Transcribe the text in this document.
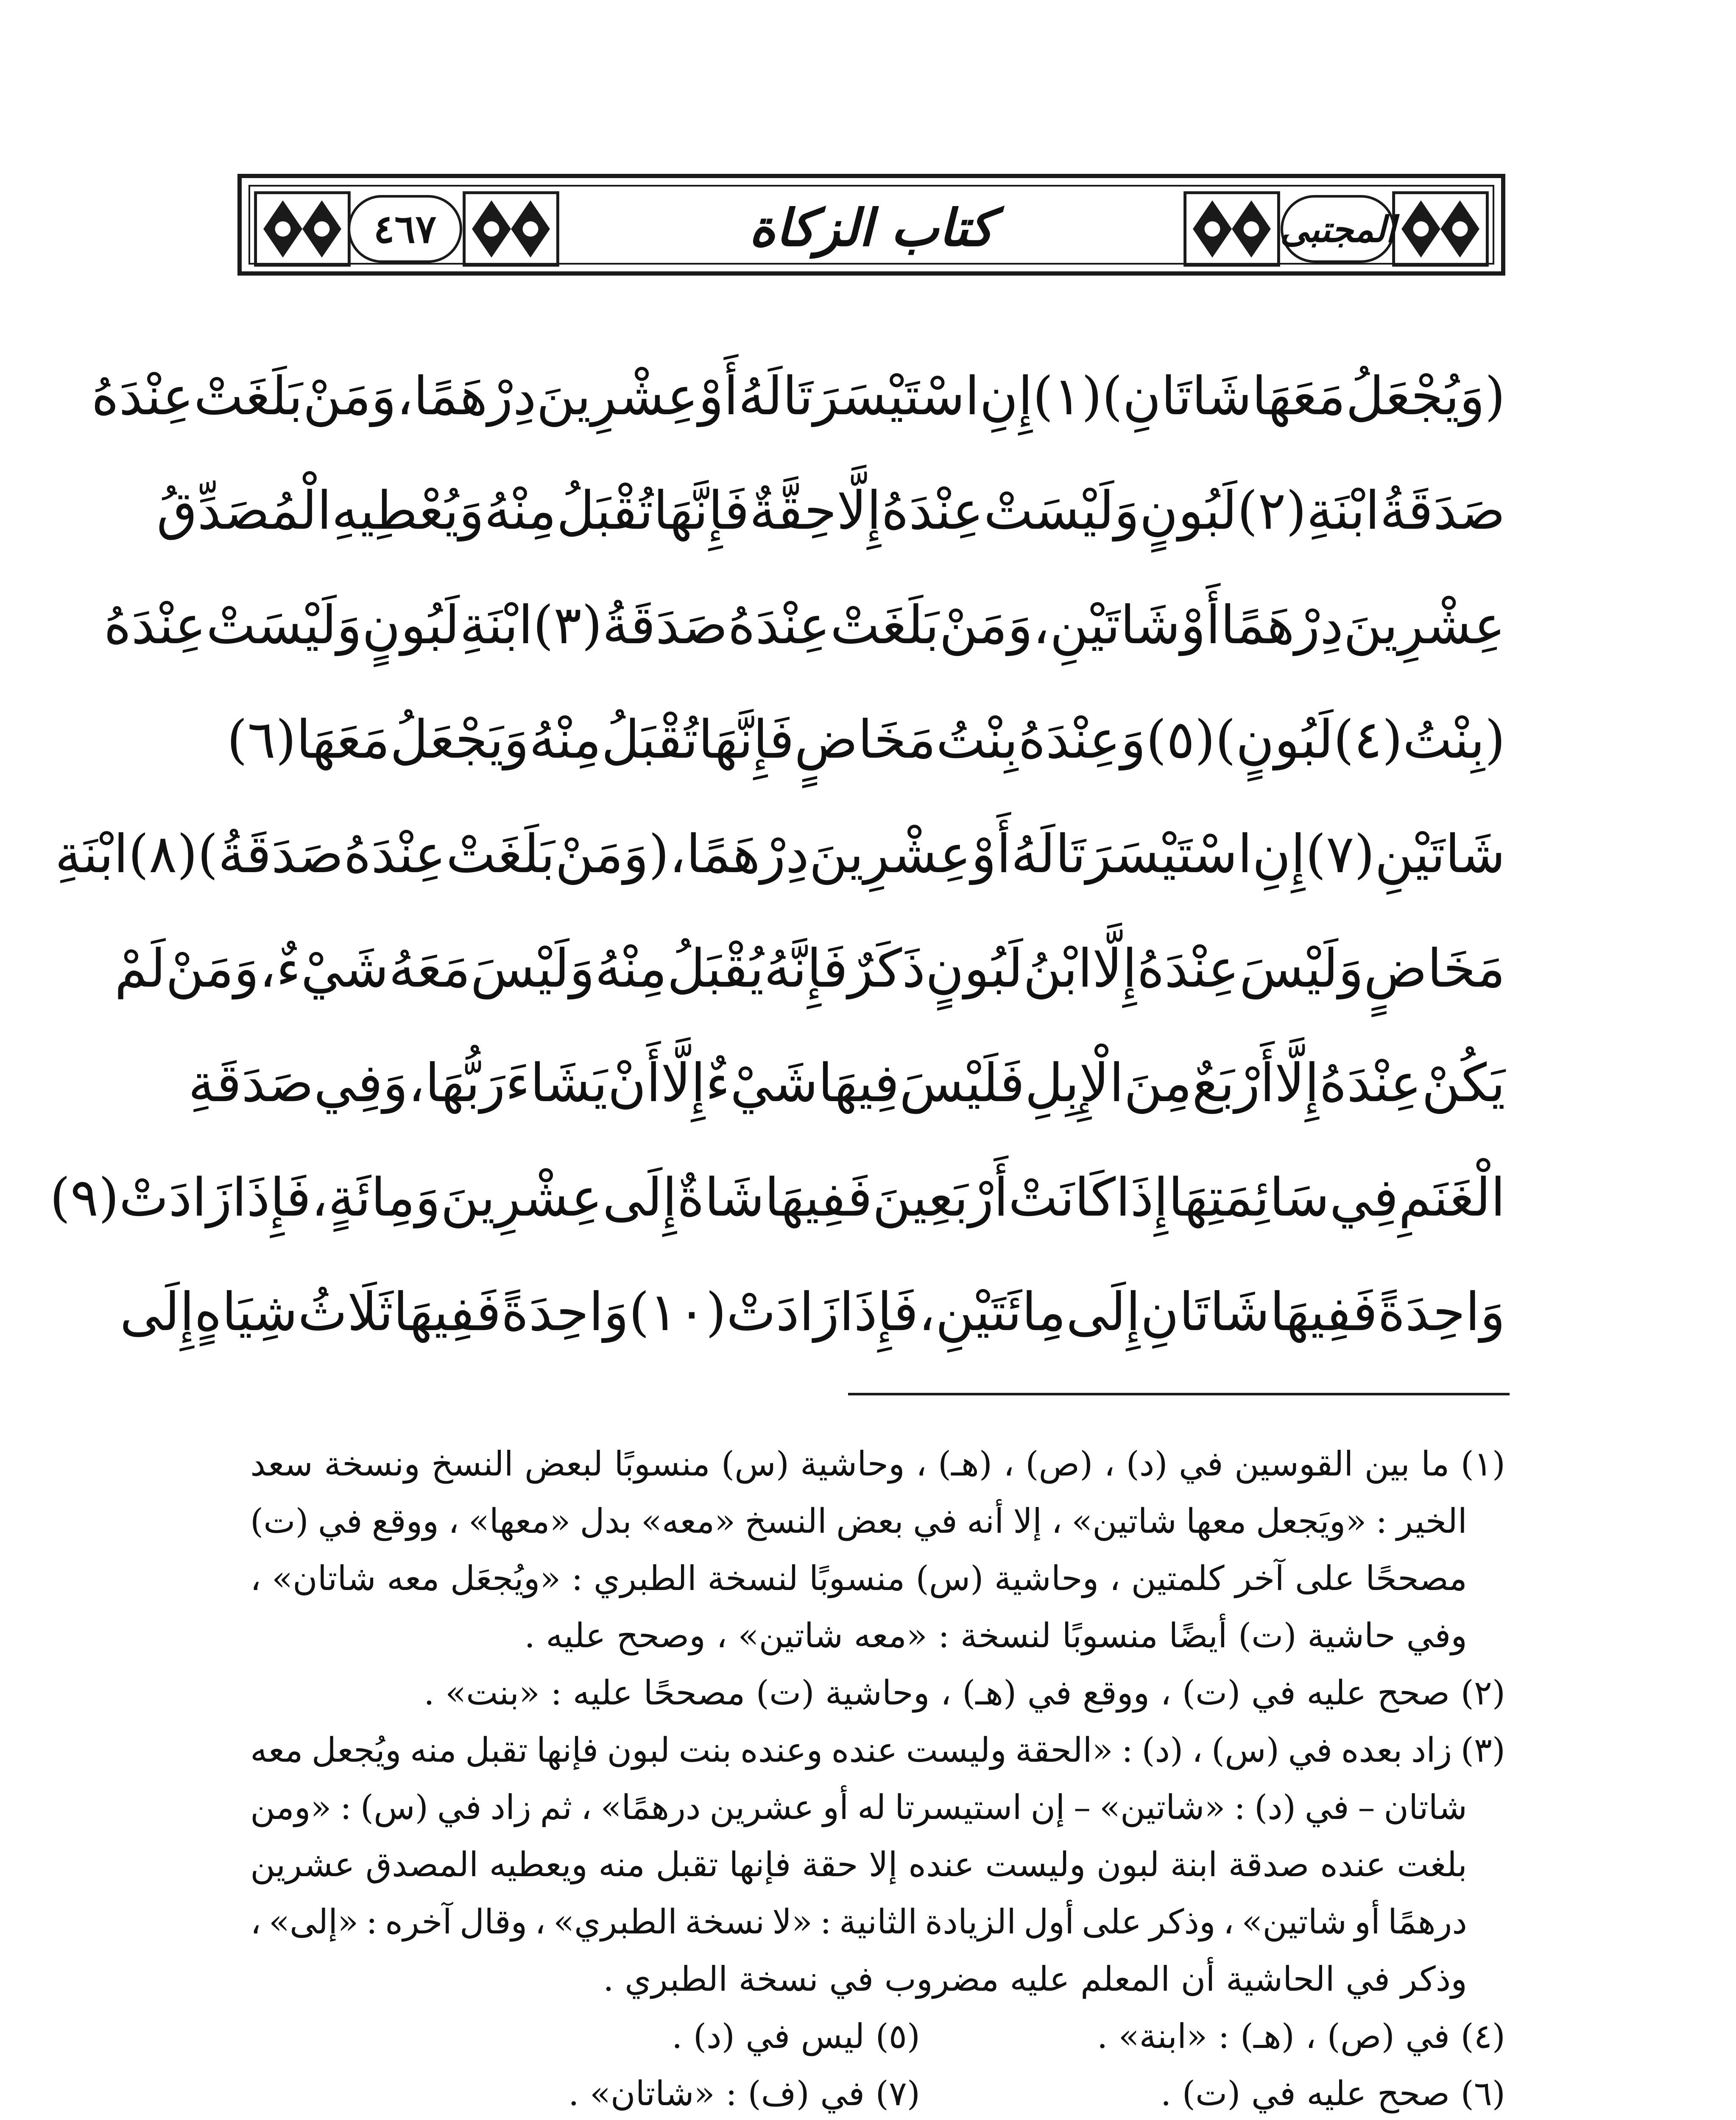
٤٦٧	كتاب الزكاة	المجتبى
(وَيُجْعَلُ
مَعَهَا
شَاتَانِ)
(١)
إِنِ
اسْتَيْسَرَتَا
لَهُ
أَوْ
عِشْرِينَ
دِرْهَمًا
،
وَمَنْ
بَلَغَتْ
عِنْدَهُ
صَدَقَةُ
ابْنَةِ
(٢)
لَبُونٍ
وَلَيْسَتْ
عِنْدَهُ
إِلَّا
حِقَّةٌ
فَإِنَّهَا
تُقْبَلُ
مِنْهُ
وَيُعْطِيهِ
الْمُصَدِّقُ
عِشْرِينَ
دِرْهَمًا
أَوْ
شَاتَيْنِ
،
وَمَنْ
بَلَغَتْ
عِنْدَهُ
صَدَقَةُ
(٣)
ابْنَةِ
لَبُونٍ
وَلَيْسَتْ
عِنْدَهُ
(بِنْتُ
(٤)
لَبُونٍ)
(٥)
وَعِنْدَهُ
بِنْتُ
مَخَاضٍ
فَإِنَّهَا
تُقْبَلُ
مِنْهُ
وَيَجْعَلُ
مَعَهَا
(٦)
شَاتَيْنِ
(٧)
إِنِ
اسْتَيْسَرَتَا
لَهُ
أَوْ
عِشْرِينَ
دِرْهَمًا
،
(وَمَنْ
بَلَغَتْ
عِنْدَهُ
صَدَقَةُ)
(٨)
ابْنَةِ
مَخَاضٍ
وَلَيْسَ
عِنْدَهُ
إِلَّا
ابْنُ
لَبُونٍ
ذَكَرٌ
فَإِنَّهُ
يُقْبَلُ
مِنْهُ
وَلَيْسَ
مَعَهُ
شَيْءٌ
،
وَمَنْ
لَمْ
يَكُنْ
عِنْدَهُ
إِلَّا
أَرْبَعٌ
مِنَ
الْإِبِلِ
فَلَيْسَ
فِيهَا
شَيْءٌ
إِلَّا
أَنْ
يَشَاءَ
رَبُّهَا
،
وَفِي
صَدَقَةِ
الْغَنَمِ
فِي
سَائِمَتِهَا
إِذَا
كَانَتْ
أَرْبَعِينَ
فَفِيهَا
شَاةٌ
إِلَى
عِشْرِينَ
وَمِائَةٍ
،
فَإِذَا
زَادَتْ
(٩)
وَاحِدَةً
فَفِيهَا
شَاتَانِ
إِلَى
مِائَتَيْنِ
،
فَإِذَا
زَادَتْ
(١٠)
وَاحِدَةً
فَفِيهَا
ثَلَاثُ
شِيَاهٍ
إِلَى
(١)
ما
بين
القوسين
في
(د)
،
(ص)
،
(هـ)
،
وحاشية
(س)
منسوبًا
لبعض
النسخ
ونسخة
سعد
الخير
:
«ويَجعل
معها
شاتين»
،
إلا
أنه
في
بعض
النسخ
«معه»
بدل
«معها»
،
ووقع
في
(ت)
مصححًا
على
آخر
كلمتين
،
وحاشية
(س)
منسوبًا
لنسخة
الطبري
:
«ويُجعَل
معه
شاتان»
،
وفي حاشية (ت) أيضًا منسوبًا لنسخة : «معه شاتين» ، وصحح عليه .
(٢) صحح عليه في (ت) ، ووقع في (هـ) ، وحاشية (ت) مصححًا عليه : «بنت» .
(٣)
زاد
بعده
في
(س)
،
(د)
:
«الحقة
وليست
عنده
وعنده
بنت
لبون
فإنها
تقبل
منه
ويُجعل
معه
شاتان
–
في
(د)
:
«شاتين»
–
إن
استيسرتا
له
أو
عشرين
درهمًا»
،
ثم
زاد
في
(س)
:
«ومن
بلغت
عنده
صدقة
ابنة
لبون
وليست
عنده
إلا
حقة
فإنها
تقبل
منه
ويعطيه
المصدق
عشرين
درهمًا
أو
شاتين»
،
وذكر
على
أول
الزيادة
الثانية
:
«لا
نسخة
الطبري»
،
وقال
آخره
:
«إلى»
،
وذكر في الحاشية أن المعلم عليه مضروب في نسخة الطبري .
(٤) في (ص) ، (هـ) : «ابنة» .
(٥) ليس في (د) .
(٦) صحح عليه في (ت) .
(٧) في (ف) : «شاتان» .
